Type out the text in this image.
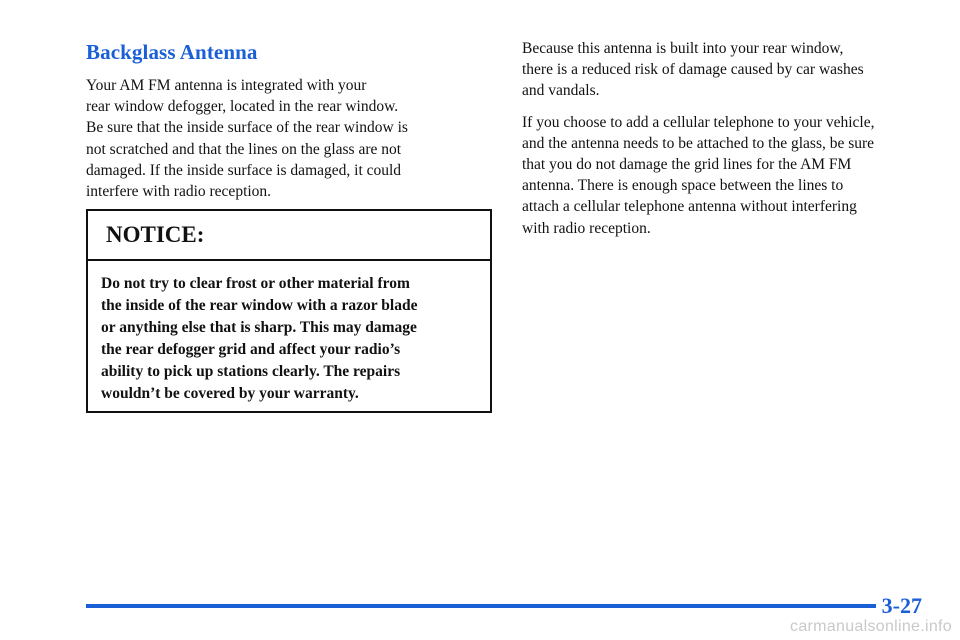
Backglass Antenna
Your AM FM antenna is integrated with your
rear window defogger, located in the rear window.
Be sure that the inside surface of the rear window is
not scratched and that the lines on the glass are not
damaged. If the inside surface is damaged, it could
interfere with radio reception.
NOTICE:
Do not try to clear frost or other material from
the inside of the rear window with a razor blade
or anything else that is sharp. This may damage
the rear defogger grid and affect your radio’s
ability to pick up stations clearly. The repairs
wouldn’t be covered by your warranty.
Because this antenna is built into your rear window,
there is a reduced risk of damage caused by car washes
and vandals.
If you choose to add a cellular telephone to your vehicle,
and the antenna needs to be attached to the glass, be sure
that you do not damage the grid lines for the AM FM
antenna. There is enough space between the lines to
attach a cellular telephone antenna without interfering
with radio reception.
3-27
carmanualsonline.info
